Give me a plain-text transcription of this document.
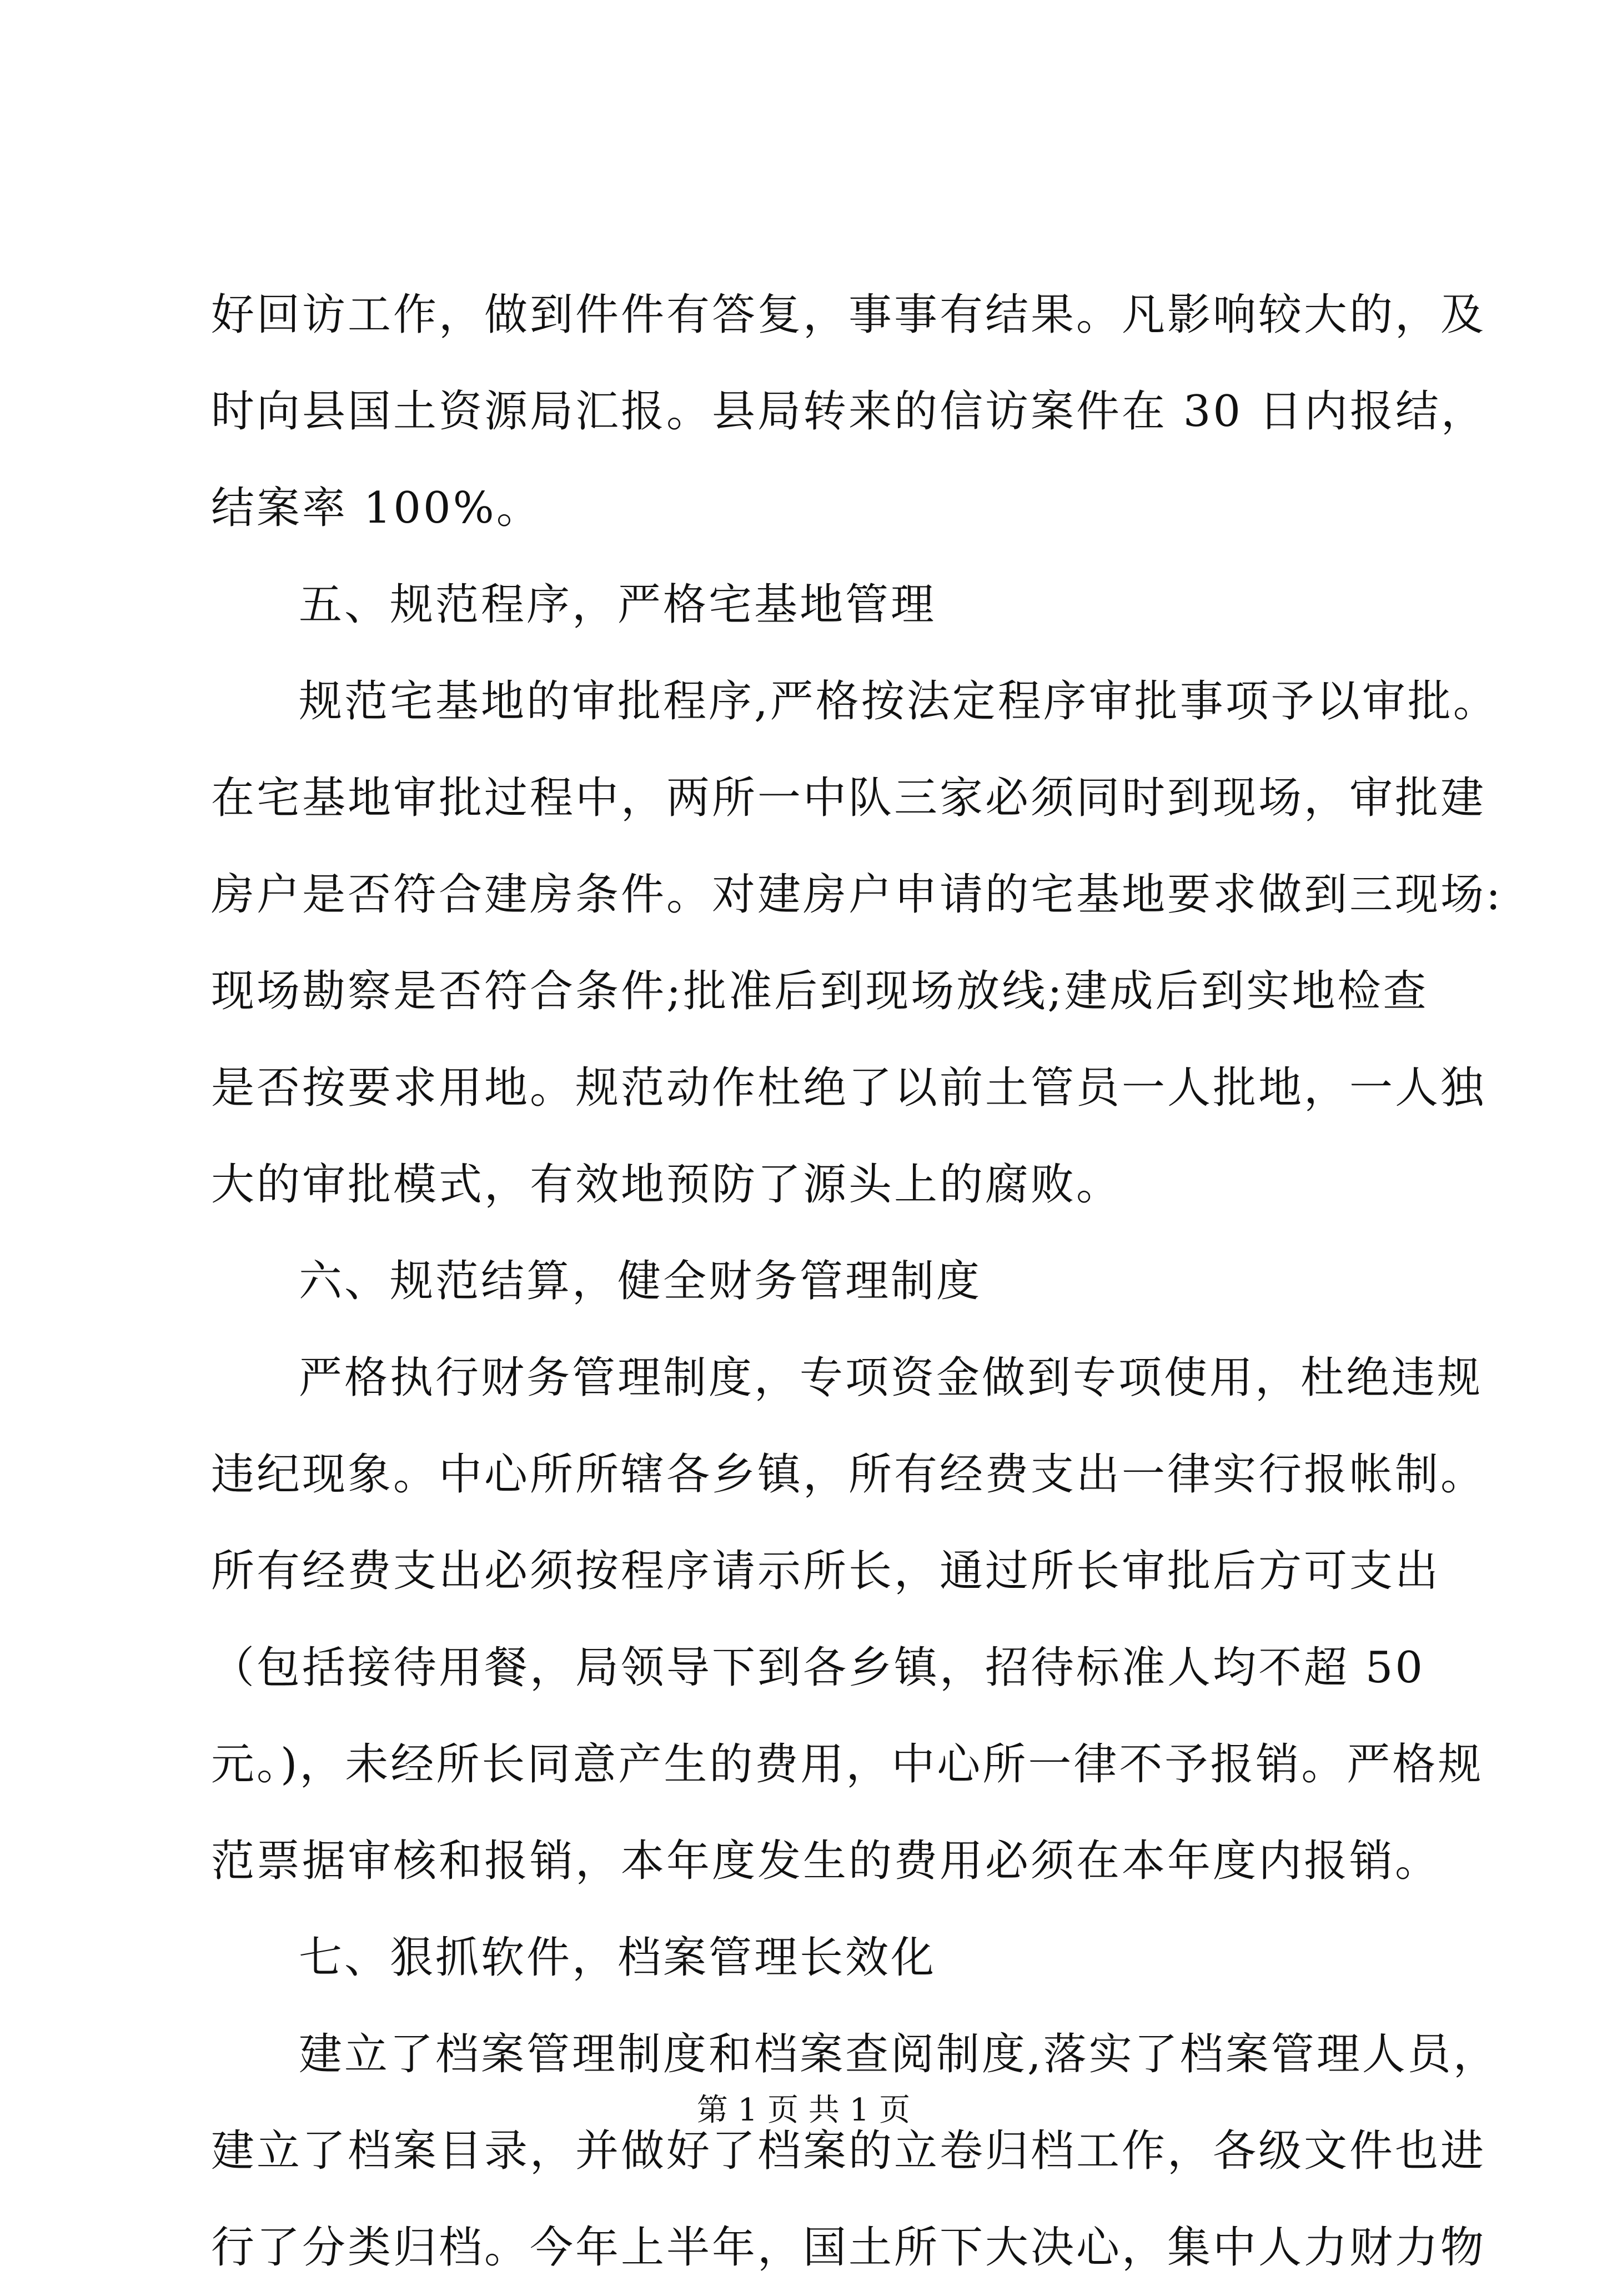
好回访工作，做到件件有答复，事事有结果。凡影响较大的，及
时向县国土资源局汇报。县局转来的信访案件在 30 日内报结，
结案率 100%。
五、规范程序，严格宅基地管理
规范宅基地的审批程序,严格按法定程序审批事项予以审批。
在宅基地审批过程中，两所一中队三家必须同时到现场，审批建
房户是否符合建房条件。对建房户申请的宅基地要求做到三现场:
现场勘察是否符合条件;批准后到现场放线;建成后到实地检查
是否按要求用地。规范动作杜绝了以前土管员一人批地，一人独
大的审批模式，有效地预防了源头上的腐败。
六、规范结算，健全财务管理制度
严格执行财务管理制度，专项资金做到专项使用，杜绝违规
违纪现象。中心所所辖各乡镇，所有经费支出一律实行报帐制。
所有经费支出必须按程序请示所长，通过所长审批后方可支出
（包括接待用餐，局领导下到各乡镇，招待标准人均不超 50
元。)，未经所长同意产生的费用，中心所一律不予报销。严格规
范票据审核和报销，本年度发生的费用必须在本年度内报销。
七、狠抓软件，档案管理长效化
建立了档案管理制度和档案查阅制度,落实了档案管理人员，
建立了档案目录，并做好了档案的立卷归档工作，各级文件也进
行了分类归档。今年上半年，国土所下大决心，集中人力财力物
第 1 页 共 1 页
